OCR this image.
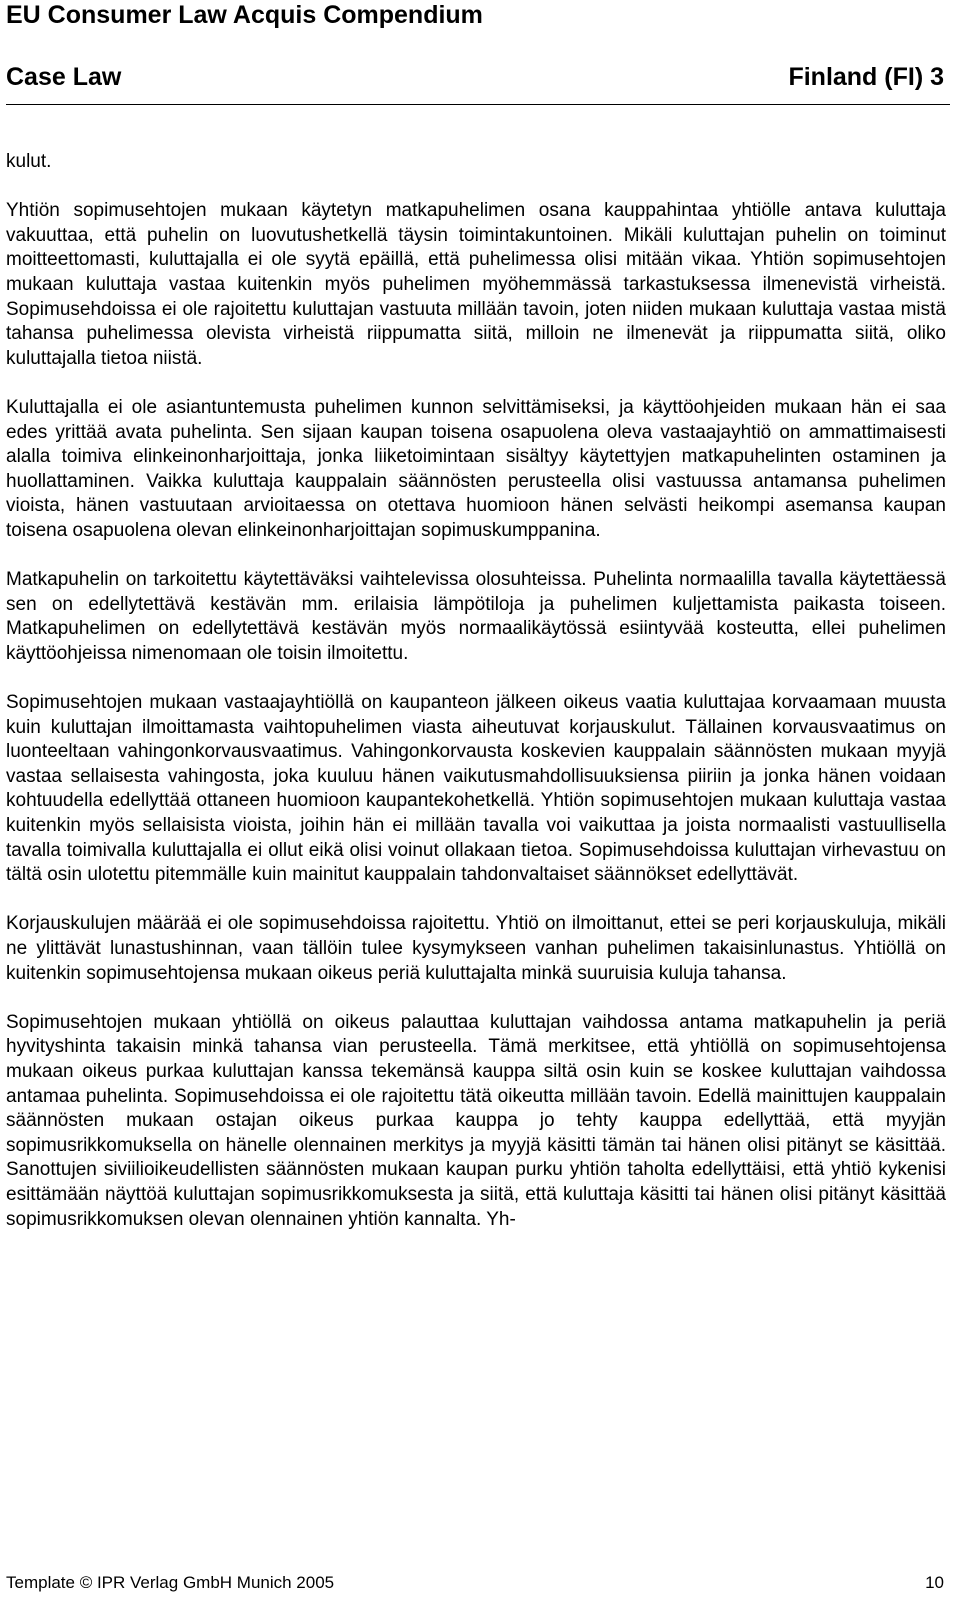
EU Consumer Law Acquis Compendium
Case Law	Finland (FI) 3

kulut.

Yhtiön sopimusehtojen mukaan käytetyn matkapuhelimen osana kauppahintaa yhtiölle antava kuluttaja vakuuttaa, että puhelin on luovutushetkellä täysin toimintakuntoinen. Mikäli kuluttajan puhelin on toiminut moitteettomasti, kuluttajalla ei ole syytä epäillä, että puhelimessa olisi mitään vikaa. Yhtiön sopimusehtojen mukaan kuluttaja vastaa kuitenkin myös puhelimen myöhemmässä tarkastuksessa ilmenevistä virheistä. Sopimusehdoissa ei ole rajoitettu kuluttajan vastuuta millään tavoin, joten niiden mukaan kuluttaja vastaa mistä tahansa puhelimessa olevista virheistä riippumatta siitä, milloin ne ilmenevät ja riippumatta siitä, oliko kuluttajalla tietoa niistä.

Kuluttajalla ei ole asiantuntemusta puhelimen kunnon selvittämiseksi, ja käyttöohjeiden mukaan hän ei saa edes yrittää avata puhelinta. Sen sijaan kaupan toisena osapuolena oleva vastaajayhtiö on ammattimaisesti alalla toimiva elinkeinonharjoittaja, jonka liiketoimintaan sisältyy käytettyjen matkapuhelinten ostaminen ja huollattaminen. Vaikka kuluttaja kauppalain säännösten perusteella olisi vastuussa antamansa puhelimen vioista, hänen vastuutaan arvioitaessa on otettava huomioon hänen selvästi heikompi asemansa kaupan toisena osapuolena olevan elinkeinonharjoittajan sopimuskumppanina.

Matkapuhelin on tarkoitettu käytettäväksi vaihtelevissa olosuhteissa. Puhelinta normaalilla tavalla käytettäessä sen on edellytettävä kestävän mm. erilaisia lämpötiloja ja puhelimen kuljettamista paikasta toiseen. Matkapuhelimen on edellytettävä kestävän myös normaalikäytössä esiintyvää kosteutta, ellei puhelimen käyttöohjeissa nimenomaan ole toisin ilmoitettu.

Sopimusehtojen mukaan vastaajayhtiöllä on kaupanteon jälkeen oikeus vaatia kuluttajaa korvaamaan muusta kuin kuluttajan ilmoittamasta vaihtopuhelimen viasta aiheutuvat korjauskulut. Tällainen korvausvaatimus on luonteeltaan vahingonkorvausvaatimus. Vahingonkorvausta koskevien kauppalain säännösten mukaan myyjä vastaa sellaisesta vahingosta, joka kuuluu hänen vaikutusmahdollisuuksiensa piiriin ja jonka hänen voidaan kohtuudella edellyttää ottaneen huomioon kaupantekohetkellä. Yhtiön sopimusehtojen mukaan kuluttaja vastaa kuitenkin myös sellaisista vioista, joihin hän ei millään tavalla voi vaikuttaa ja joista normaalisti vastuullisella tavalla toimivalla kuluttajalla ei ollut eikä olisi voinut ollakaan tietoa. Sopimusehdoissa kuluttajan virhevastuu on tältä osin ulotettu pitemmälle kuin mainitut kauppalain tahdonvaltaiset säännökset edellyttävät.

Korjauskulujen määrää ei ole sopimusehdoissa rajoitettu. Yhtiö on ilmoittanut, ettei se peri korjauskuluja, mikäli ne ylittävät lunastushinnan, vaan tällöin tulee kysymykseen vanhan puhelimen takaisinlunastus. Yhtiöllä on kuitenkin sopimusehtojensa mukaan oikeus periä kuluttajalta minkä suuruisia kuluja tahansa.

Sopimusehtojen mukaan yhtiöllä on oikeus palauttaa kuluttajan vaihdossa antama matkapuhelin ja periä hyvityshinta takaisin minkä tahansa vian perusteella. Tämä merkitsee, että yhtiöllä on sopimusehtojensa mukaan oikeus purkaa kuluttajan kanssa tekemänsä kauppa siltä osin kuin se koskee kuluttajan vaihdossa antamaa puhelinta. Sopimusehdoissa ei ole rajoitettu tätä oikeutta millään tavoin. Edellä mainittujen kauppalain säännösten mukaan ostajan oikeus purkaa kauppa jo tehty kauppa edellyttää, että myyjän sopimusrikkomuksella on hänelle olennainen merkitys ja myyjä käsitti tämän tai hänen olisi pitänyt se käsittää. Sanottujen siviilioikeudellisten säännösten mukaan kaupan purku yhtiön taholta edellyttäisi, että yhtiö kykenisi esittämään näyttöä kuluttajan sopimusrikkomuksesta ja siitä, että kuluttaja käsitti tai hänen olisi pitänyt käsittää sopimusrikkomuksen olevan olennainen yhtiön kannalta. Yh-

Template © IPR Verlag GmbH Munich 2005	10
